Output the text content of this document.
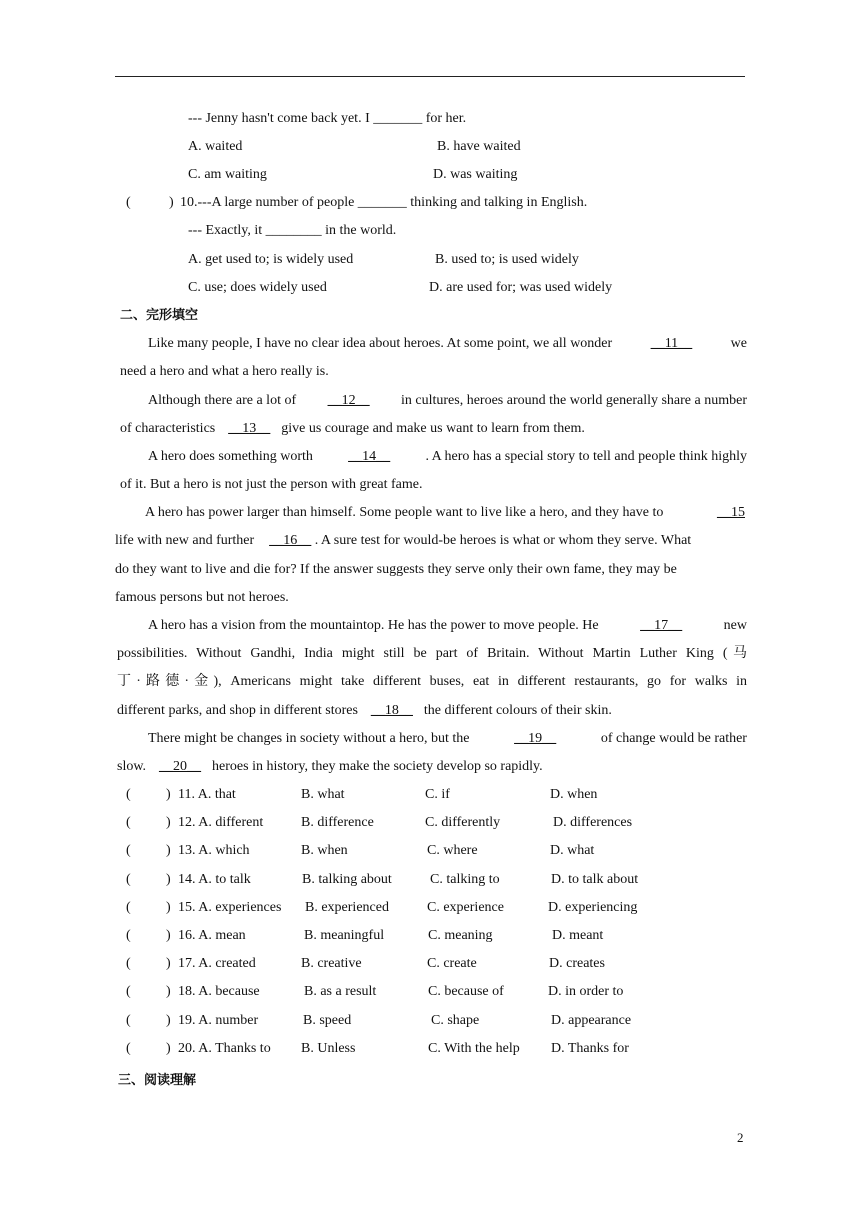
--- Jenny hasn't come back yet. I _______ for her.
A. waited	B. have waited
C. am waiting	D. was waiting
(	) 10.---A large number of people _______ thinking and talking in English.
--- Exactly, it ________ in the world.
A. get used to; is widely used	B. used to; is used widely
C. use; does widely used	D. are used for; was used widely
二、完形填空
Like many people, I have no clear idea about heroes. At some point, we all wonder	__11__	we
need a hero and what a hero really is.
Although there are a lot of __12__ in cultures, heroes around the world generally share a number
of characteristics __13__ give us courage and make us want to learn from them.
A hero does something worth	__14__	. A hero has a special story to tell and people think highly
of it. But a hero is not just the person with great fame.
A hero has power larger than himself. Some people want to live like a hero, and they have to	__15
life with new and further __16__ . A sure test for would-be heroes is what or whom they serve. What
do they want to live and die for? If the answer suggests they serve only their own fame, they may be
famous persons but not heroes.
A hero has a vision from the mountaintop. He has the power to move people. He	__17__	new
possibilities. Without Gandhi, India might still be part of Britain. Without Martin Luther King (马
丁·路德·金), Americans might take different buses, eat in different restaurants, go for walks in
different parks, and shop in different stores __18__ the different colours of their skin.
There might be changes in society without a hero, but the	__19__	of change would be rather
slow. __20__ heroes in history, they make the society develop so rapidly.
(	) 11. A. that	B. what	C. if	D. when
(	) 12. A. different	B. difference	C. differently	D. differences
(	) 13. A. which	B. when	C. where	D. what
(	) 14. A. to talk	B. talking about	C. talking to	D. to talk about
(	) 15. A. experiences B. experienced	C. experience	D. experiencing
(	) 16. A. mean	B. meaningful	C. meaning	D. meant
(	) 17. A. created	B. creative	C. create	D. creates
(	) 18. A. because	B. as a result	C. because of	D. in order to
(	) 19. A. number	B. speed	C. shape	D. appearance
(	) 20. A. Thanks to B. Unless	C. With the help D. Thanks for
三、阅读理解
2
